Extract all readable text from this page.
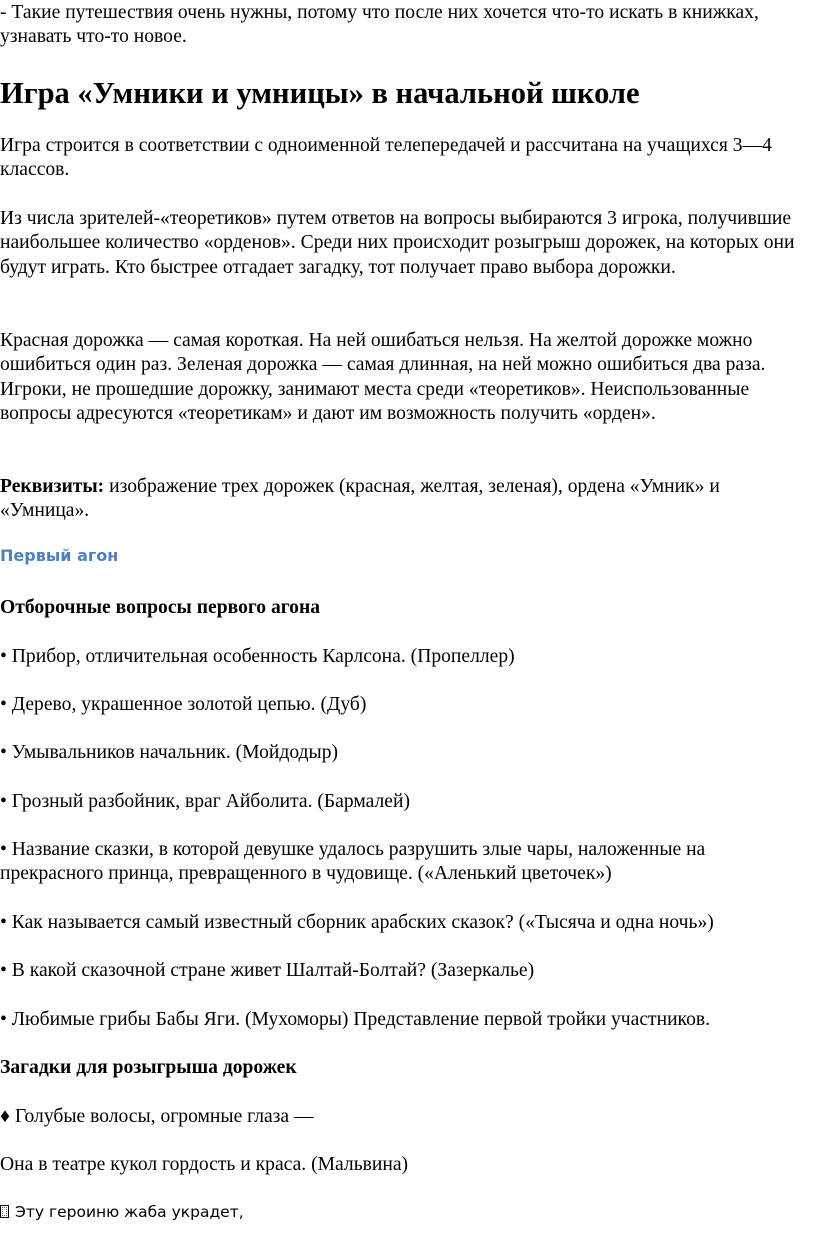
- Такие путешествия очень нужны, потому что после них хочется что-то искать в книжках, узнавать что-то новое.

Игра «Умники и умницы» в начальной школе

Игра строится в соответствии с одноименной телепередачей и рассчитана на учащихся 3—4 классов.

Из числа зрителей-«теоретиков» путем ответов на вопросы выбираются 3 игрока, получившие наибольшее количество «орденов». Среди них происходит розыгрыш дорожек, на которых они будут играть. Кто быстрее отгадает загадку, тот получает право выбора дорожки.

Красная дорожка — самая короткая. На ней ошибаться нельзя. На желтой дорожке можно ошибиться один раз. Зеленая дорожка — самая длинная, на ней можно ошибиться два раза. Игроки, не прошедшие дорожку, занимают места среди «теоретиков». Неиспользованные вопросы адресуются «теоретикам» и дают им возможность получить «орден».

Реквизиты: изображение трех дорожек (красная, желтая, зеленая), ордена «Умник» и «Умница».

Первый агон
Отборочные вопросы первого агона

• Прибор, отличительная особенность Карлсона. (Пропеллер)

• Дерево, украшенное золотой цепью. (Дуб)

• Умывальников начальник. (Мойдодыр)

• Грозный разбойник, враг Айболита. (Бармалей)

• Название сказки, в которой девушке удалось разрушить злые чары, наложенные на прекрасного принца, превращенного в чудовище. («Аленький цветочек»)

• Как называется самый известный сборник арабских сказок? («Тысяча и одна ночь»)

• В какой сказочной стране живет Шалтай-Болтай? (Зазеркалье)

• Любимые грибы Бабы Яги. (Мухоморы) Представление первой тройки участников.

Загадки для розыгрыша дорожек

♦ Голубые волосы, огромные глаза —

Она в театре кукол гордость и краса. (Мальвина)

Эту героиню жаба украдет,
